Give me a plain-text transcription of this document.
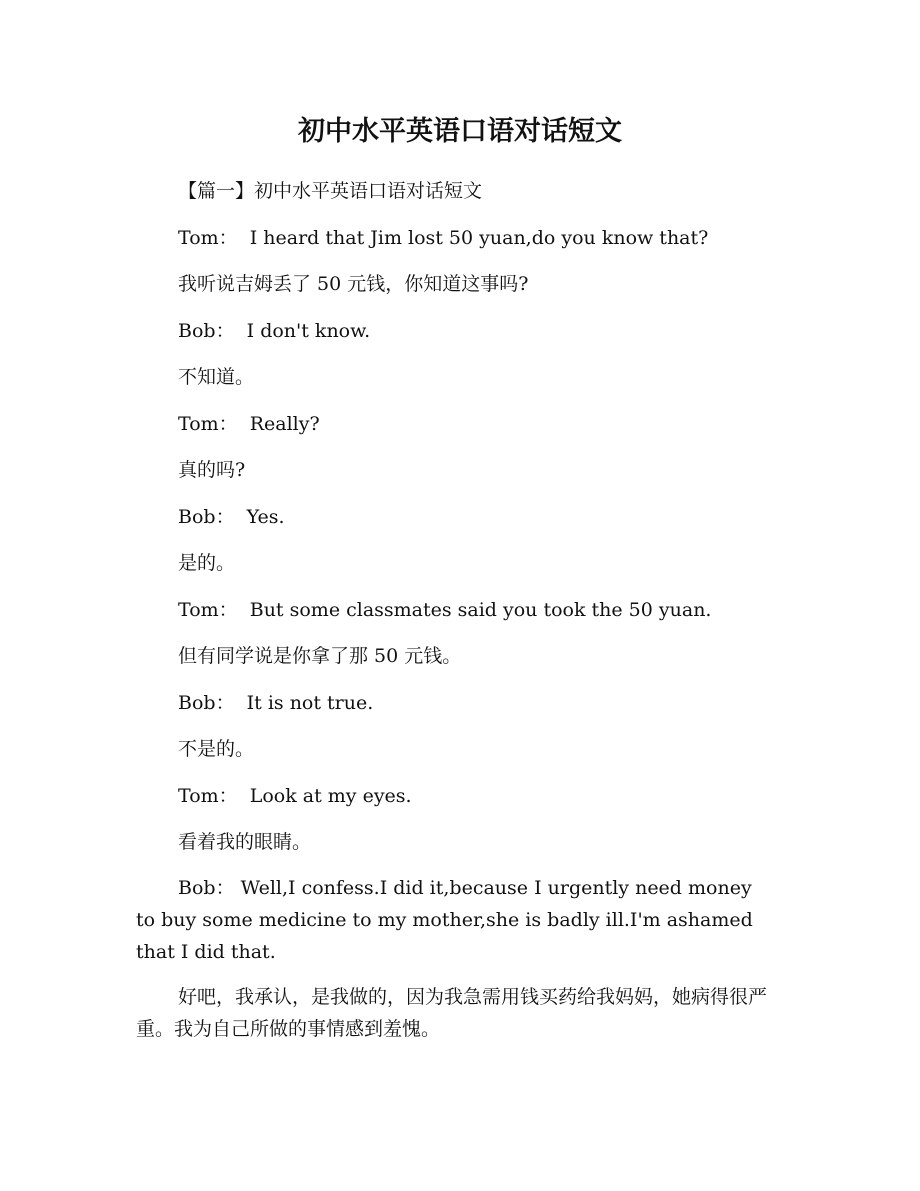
初中水平英语口语对话短文

【篇一】初中水平英语口语对话短文

Tom：  I heard that Jim lost 50 yuan,do you know that?

我听说吉姆丢了 50 元钱，你知道这事吗?

Bob：  I don't know.

不知道。

Tom：  Really?

真的吗?

Bob：  Yes.

是的。

Tom：  But some classmates said you took the 50 yuan.

但有同学说是你拿了那 50 元钱。

Bob：  It is not true.

不是的。

Tom：  Look at my eyes.

看着我的眼睛。

Bob： Well,I confess.I did it,because I urgently need money to buy some medicine to my mother,she is badly ill.I'm ashamed that I did that.

好吧，我承认，是我做的，因为我急需用钱买药给我妈妈，她病得很严重。我为自己所做的事情感到羞愧。
